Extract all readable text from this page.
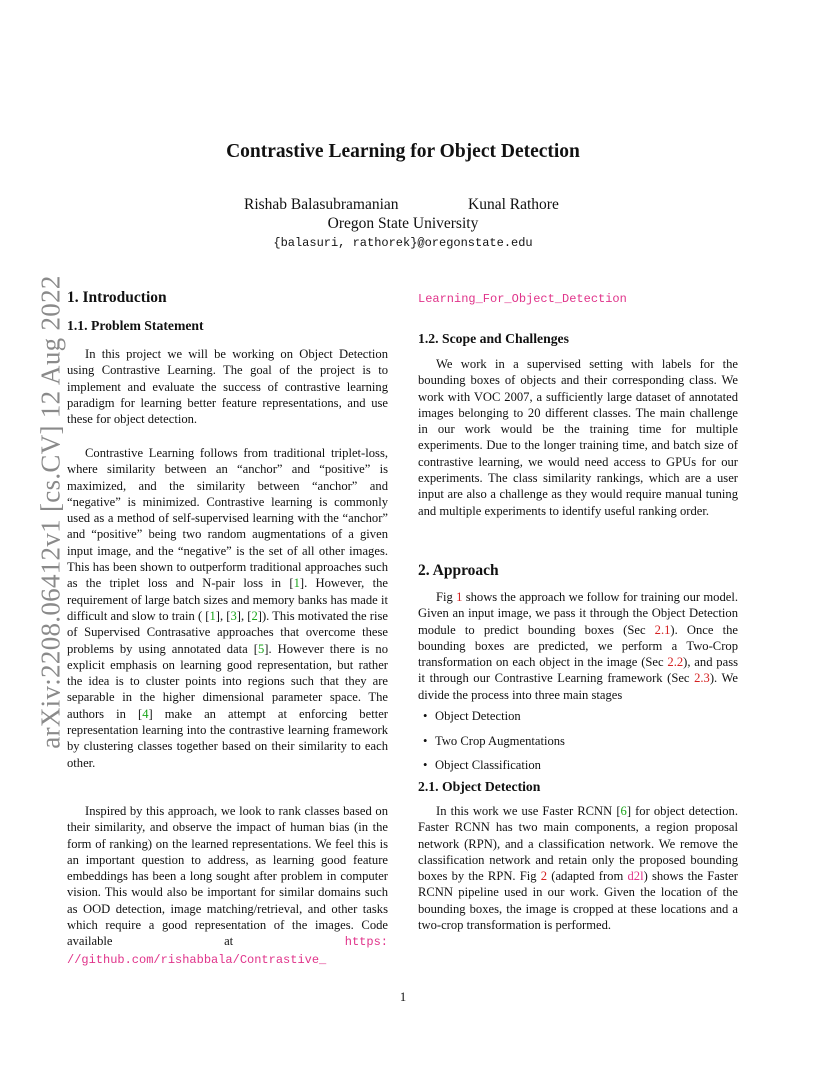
arXiv:2208.06412v1 [cs.CV] 12 Aug 2022
Contrastive Learning for Object Detection
Rishab Balasubramanian	Kunal Rathore
Oregon State University
{balasuri, rathorek}@oregonstate.edu
1. Introduction
1.1. Problem Statement

In this project we will be working on Object Detection using Contrastive Learning. The goal of the project is to implement and evaluate the success of contrastive learning paradigm for learning better feature representations, and use these for object detection.

Contrastive Learning follows from traditional triplet-loss, where similarity between an “anchor” and “positive” is maximized, and the similarity between “anchor” and “negative” is minimized. Contrastive learning is commonly used as a method of self-supervised learning with the “anchor” and “positive” being two random augmentations of a given input image, and the “negative” is the set of all other images. This has been shown to outperform traditional approaches such as the triplet loss and N-pair loss in [1]. However, the requirement of large batch sizes and memory banks has made it difficult and slow to train ( [1], [3], [2]). This motivated the rise of Supervised Contrasative approaches that overcome these problems by using annotated data [5]. However there is no explicit emphasis on learning good representation, but rather the idea is to cluster points into regions such that they are separable in the higher dimensional parameter space. The authors in [4] make an attempt at enforcing better representation learning into the contrastive learning framework by clustering classes together based on their similarity to each other.

Inspired by this approach, we look to rank classes based on their similarity, and observe the impact of human bias (in the form of ranking) on the learned representations. We feel this is an important question to address, as learning good feature embeddings has been a long sought after problem in computer vision. This would also be important for similar domains such as OOD detection, image matching/retrieval, and other tasks which require a good representation of the images. Code available at https: //github.com/rishabbala/Contrastive_

Learning_For_Object_Detection
1.2. Scope and Challenges

We work in a supervised setting with labels for the bounding boxes of objects and their corresponding class. We work with VOC 2007, a sufficiently large dataset of annotated images belonging to 20 different classes. The main challenge in our work would be the training time for multiple experiments. Due to the longer training time, and batch size of contrastive learning, we would need access to GPUs for our experiments. The class similarity rankings, which are a user input are also a challenge as they would require manual tuning and multiple experiments to identify useful ranking order.

2. Approach

Fig 1 shows the approach we follow for training our model. Given an input image, we pass it through the Object Detection module to predict bounding boxes (Sec 2.1). Once the bounding boxes are predicted, we perform a Two-Crop transformation on each object in the image (Sec 2.2), and pass it through our Contrastive Learning framework (Sec 2.3). We divide the process into three main stages

• Object Detection
• Two Crop Augmentations
• Object Classification
2.1. Object Detection

In this work we use Faster RCNN [6] for object detection. Faster RCNN has two main components, a region proposal network (RPN), and a classification network. We remove the classification network and retain only the proposed bounding boxes by the RPN. Fig 2 (adapted from d2l) shows the Faster RCNN pipeline used in our work. Given the location of the bounding boxes, the image is cropped at these locations and a two-crop transformation is performed.

1
